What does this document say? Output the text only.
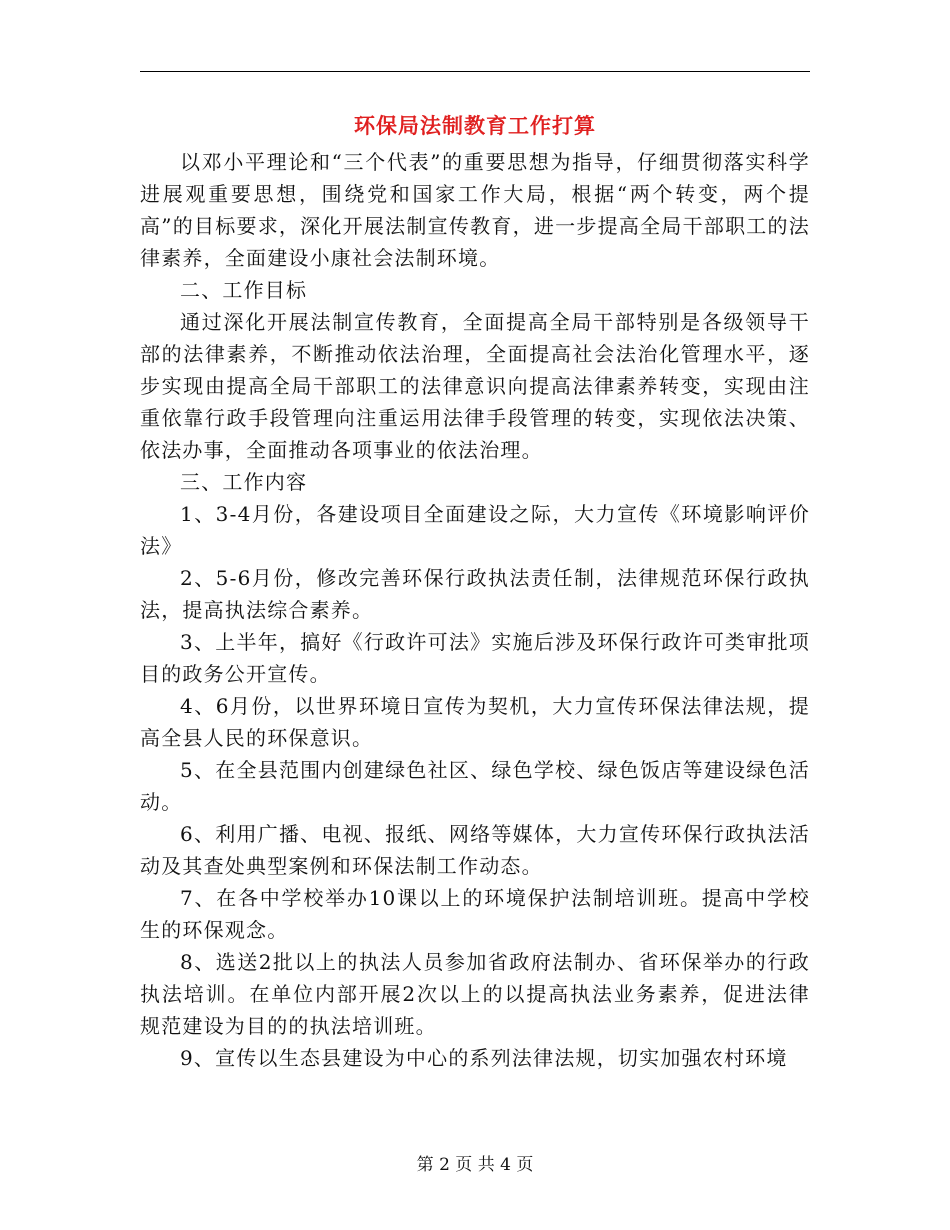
环保局法制教育工作打算

以邓小平理论和“三个代表”的重要思想为指导，仔细贯彻落实科学进展观重要思想，围绕党和国家工作大局，根据“两个转变，两个提高”的目标要求，深化开展法制宣传教育，进一步提高全局干部职工的法律素养，全面建设小康社会法制环境。

二、工作目标

通过深化开展法制宣传教育，全面提高全局干部特别是各级领导干部的法律素养，不断推动依法治理，全面提高社会法治化管理水平，逐步实现由提高全局干部职工的法律意识向提高法律素养转变，实现由注重依靠行政手段管理向注重运用法律手段管理的转变，实现依法决策、依法办事，全面推动各项事业的依法治理。

三、工作内容

1、3-4月份，各建设项目全面建设之际，大力宣传《环境影响评价法》

2、5-6月份，修改完善环保行政执法责任制，法律规范环保行政执法，提高执法综合素养。

3、上半年，搞好《行政许可法》实施后涉及环保行政许可类审批项目的政务公开宣传。

4、6月份，以世界环境日宣传为契机，大力宣传环保法律法规，提高全县人民的环保意识。

5、在全县范围内创建绿色社区、绿色学校、绿色饭店等建设绿色活动。

6、利用广播、电视、报纸、网络等媒体，大力宣传环保行政执法活动及其查处典型案例和环保法制工作动态。

7、在各中学校举办10课以上的环境保护法制培训班。提高中学校生的环保观念。

8、选送2批以上的执法人员参加省政府法制办、省环保举办的行政执法培训。在单位内部开展2次以上的以提高执法业务素养，促进法律规范建设为目的的执法培训班。

9、宣传以生态县建设为中心的系列法律法规，切实加强农村环境

第 2 页 共 4 页
